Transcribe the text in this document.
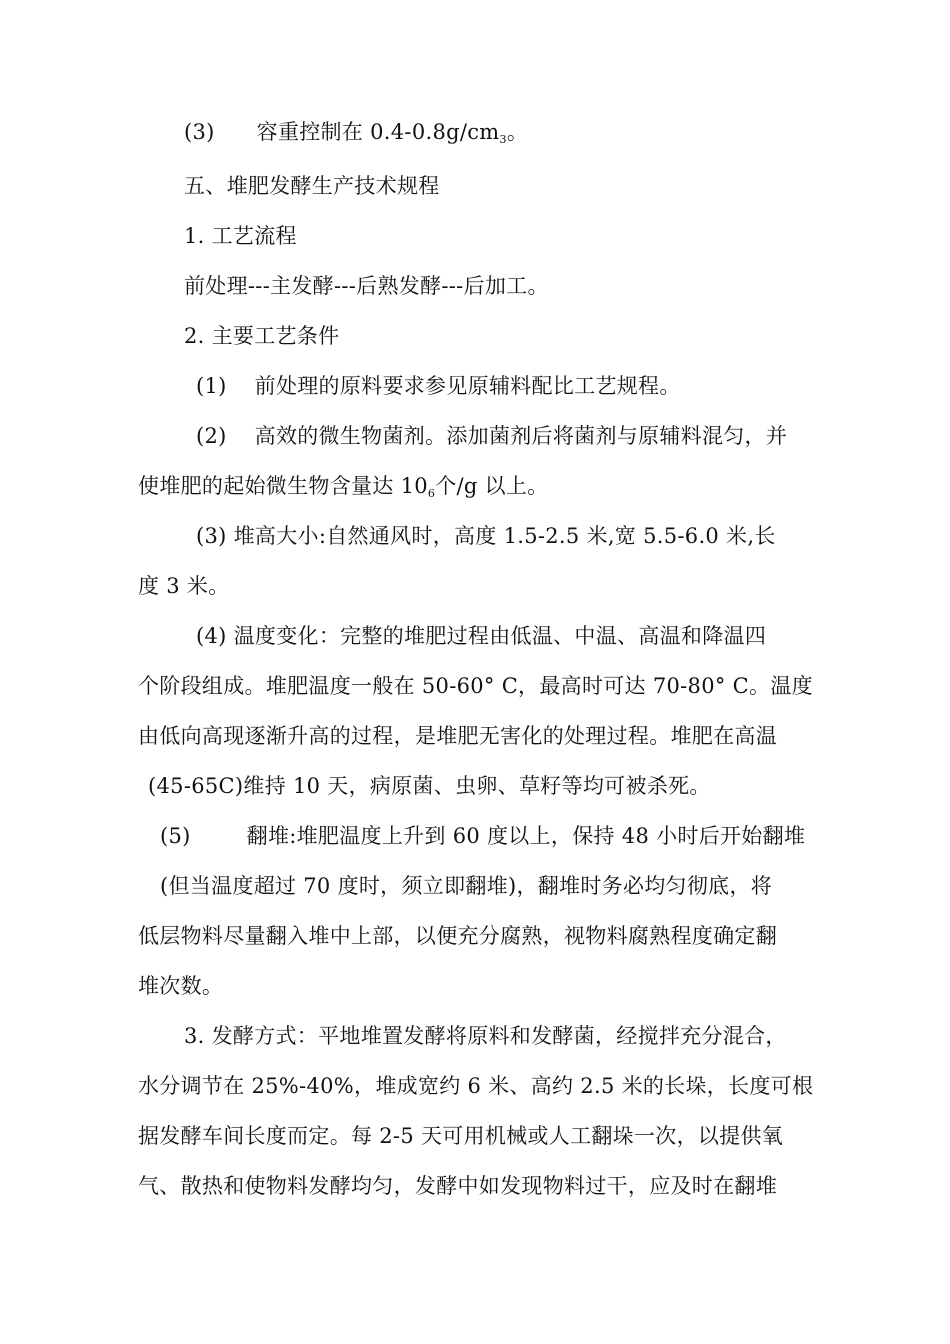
(3) 容重控制在 0.4-0.8g/cm3。
五、堆肥发酵生产技术规程
1. 工艺流程
前处理---主发酵---后熟发酵---后加工。
2. 主要工艺条件
(1) 前处理的原料要求参见原辅料配比工艺规程。
(2) 高效的微生物菌剂。添加菌剂后将菌剂与原辅料混匀，并
使堆肥的起始微生物含量达 106个/g 以上。
(3) 堆高大小:自然通风时，高度 1.5-2.5 米,宽 5.5-6.0 米,长
度 3 米。
(4) 温度变化：完整的堆肥过程由低温、中温、高温和降温四
个阶段组成。堆肥温度一般在 50-60° C，最高时可达 70-80° C。温度
由低向高现逐渐升高的过程，是堆肥无害化的处理过程。堆肥在高温
(45-65C)维持 10 天，病原菌、虫卵、草籽等均可被杀死。
(5)	翻堆:堆肥温度上升到 60 度以上，保持 48 小时后开始翻堆
(但当温度超过 70 度时，须立即翻堆)，翻堆时务必均匀彻底，将
低层物料尽量翻入堆中上部，以便充分腐熟，视物料腐熟程度确定翻
堆次数。
3. 发酵方式：平地堆置发酵将原料和发酵菌，经搅拌充分混合，
水分调节在 25%-40%，堆成宽约 6 米、高约 2.5 米的长垛，长度可根
据发酵车间长度而定。每 2-5 天可用机械或人工翻垛一次，以提供氧
气、散热和使物料发酵均匀，发酵中如发现物料过干，应及时在翻堆
